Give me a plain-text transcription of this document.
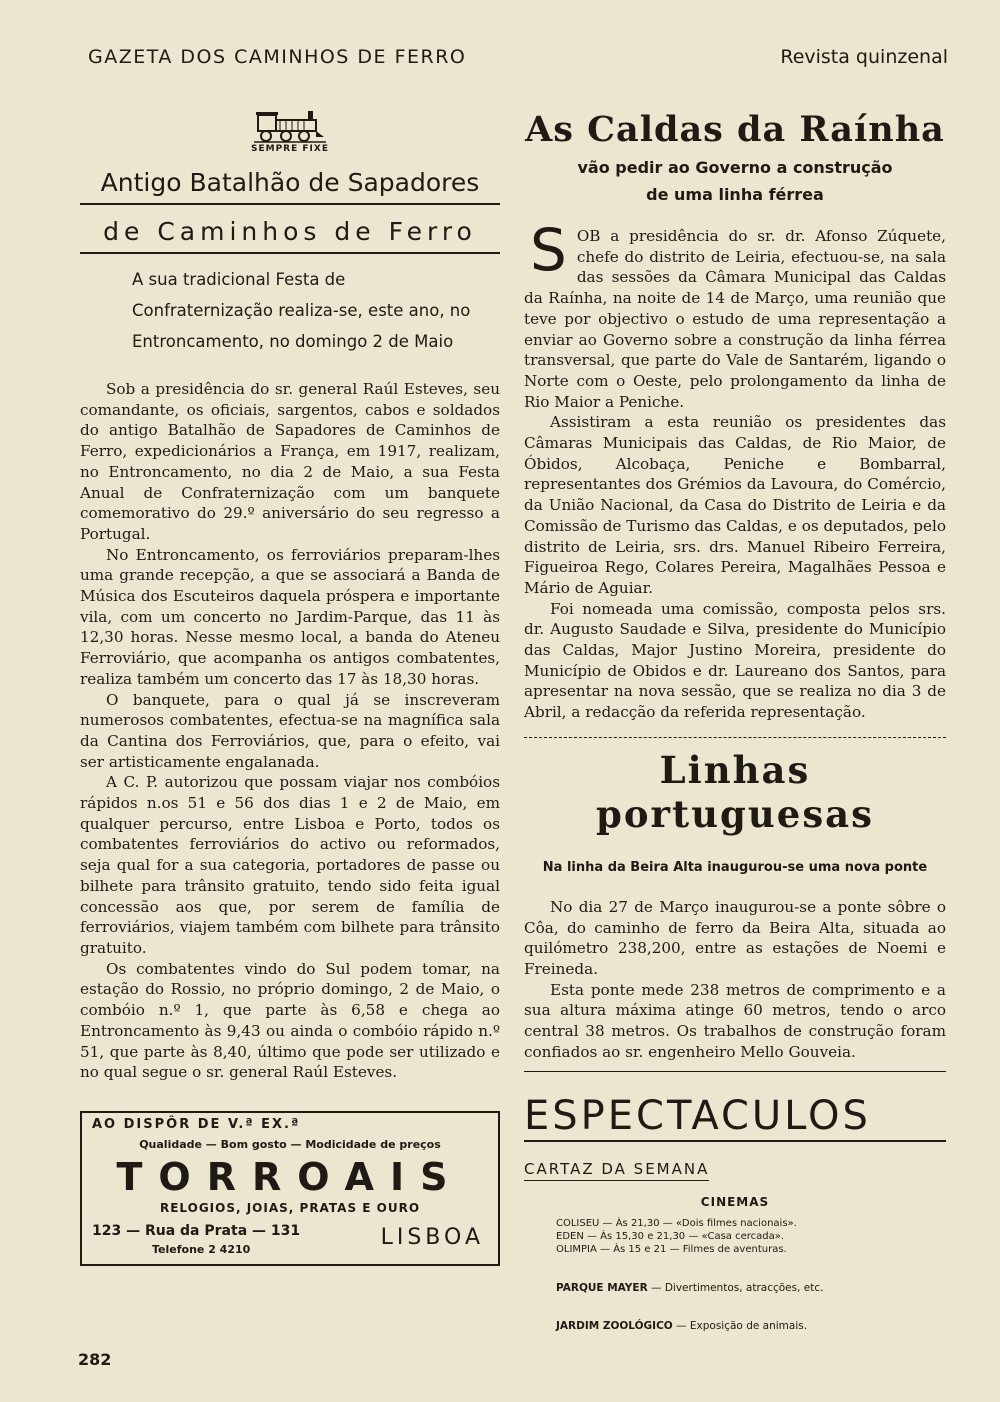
GAZETA DOS CAMINHOS DE FERRO	Revista quinzenal
SEMPRE FIXE
Antigo Batalhão de Sapadores
de Caminhos de Ferro
A sua tradicional Festa de Confraternização realiza-se, este ano, no Entroncamento, no domingo 2 de Maio

Sob a presidência do sr. general Raúl Esteves, seu comandante, os oficiais, sargentos, cabos e soldados do antigo Batalhão de Sapadores de Caminhos de Ferro, expedicionários a França, em 1917, realizam, no Entroncamento, no dia 2 de Maio, a sua Festa Anual de Confraternização com um banquete comemorativo do 29.º aniversário do seu regresso a Portugal.

No Entroncamento, os ferroviários preparam-lhes uma grande recepção, a que se associará a Banda de Música dos Escuteiros daquela próspera e importante vila, com um concerto no Jardim-Parque, das 11 às 12,30 horas. Nesse mesmo local, a banda do Ateneu Ferroviário, que acompanha os antigos combatentes, realiza também um concerto das 17 às 18,30 horas.

O banquete, para o qual já se inscreveram numerosos combatentes, efectua-se na magnífica sala da Cantina dos Ferroviários, que, para o efeito, vai ser artisticamente engalanada.

A C. P. autorizou que possam viajar nos combóios rápidos n.os 51 e 56 dos dias 1 e 2 de Maio, em qualquer percurso, entre Lisboa e Porto, todos os combatentes ferroviários do activo ou reformados, seja qual for a sua categoria, portadores de passe ou bilhete para trânsito gratuito, tendo sido feita igual concessão aos que, por serem de família de ferroviários, viajem também com bilhete para trânsito gratuito.

Os combatentes vindo do Sul podem tomar, na estação do Rossio, no próprio domingo, 2 de Maio, o combóio n.º 1, que parte às 6,58 e chega ao Entroncamento às 9,43 ou ainda o combóio rápido n.º 51, que parte às 8,40, último que pode ser utilizado e no qual segue o sr. general Raúl Esteves.

AO DISPÔR DE V.ª EX.ª
Qualidade — Bom gosto — Modicidade de preços
TORROAIS
RELOGIOS, JOIAS, PRATAS E OURO
123 — Rua da Prata — 131
Telefone 2 4210	LISBOA
282
As Caldas da Raínha
vão pedir ao Governo a construção
de uma linha férrea
S OB a presidência do sr. dr. Afonso Zúquete, chefe do distrito de Leiria, efectuou-se, na sala das sessões da Câmara Municipal das Caldas da Raínha, na noite de 14 de Março, uma reunião que teve por objectivo o estudo de uma representação a enviar ao Governo sobre a construção da linha férrea transversal, que parte do Vale de Santarém, ligando o Norte com o Oeste, pelo prolongamento da linha de Rio Maior a Peniche.

Assistiram a esta reunião os presidentes das Câmaras Municipais das Caldas, de Rio Maior, de Óbidos, Alcobaça, Peniche e Bombarral, representantes dos Grémios da Lavoura, do Comércio, da União Nacional, da Casa do Distrito de Leiria e da Comissão de Turismo das Caldas, e os deputados, pelo distrito de Leiria, srs. drs. Manuel Ribeiro Ferreira, Figueiroa Rego, Colares Pereira, Magalhães Pessoa e Mário de Aguiar.

Foi nomeada uma comissão, composta pelos srs. dr. Augusto Saudade e Silva, presidente do Município das Caldas, Major Justino Moreira, presidente do Município de Obidos e dr. Laureano dos Santos, para apresentar na nova sessão, que se realiza no dia 3 de Abril, a redacção da referida representação.

Linhas portuguesas
Na linha da Beira Alta inaugurou-se uma nova ponte

No dia 27 de Março inaugurou-se a ponte sôbre o Côa, do caminho de ferro da Beira Alta, situada ao quilómetro 238,200, entre as estações de Noemi e Freineda.

Esta ponte mede 238 metros de comprimento e a sua altura máxima atinge 60 metros, tendo o arco central 38 metros. Os trabalhos de construção foram confiados ao sr. engenheiro Mello Gouveia.

ESPECTACULOS
CARTAZ DA SEMANA
CINEMAS
COLISEU — Às 21,30 — «Dois filmes nacionais».
EDEN — Às 15,30 e 21,30 — «Casa cercada».
OLIMPIA — Às 15 e 21 — Filmes de aventuras.
PARQUE MAYER — Divertimentos, atracções, etc.
JARDIM ZOOLÓGICO — Exposição de animais.
